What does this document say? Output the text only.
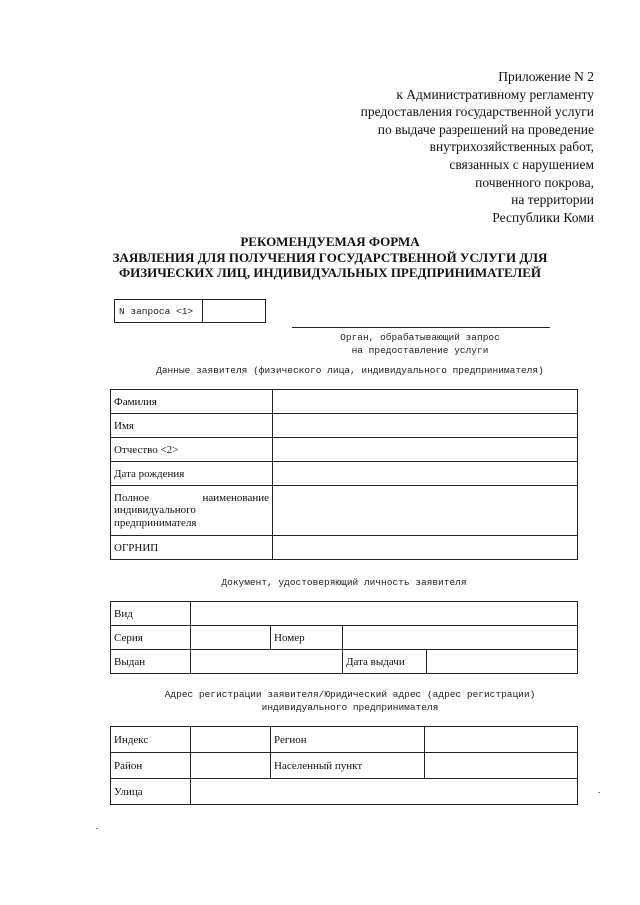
Приложение N 2
к Административному регламенту
предоставления государственной услуги
по выдаче разрешений на проведение
внутрихозяйственных работ,
связанных с нарушением
почвенного покрова,
на территории
Республики Коми
РЕКОМЕНДУЕМАЯ ФОРМА
ЗАЯВЛЕНИЯ ДЛЯ ПОЛУЧЕНИЯ ГОСУДАРСТВЕННОЙ УСЛУГИ ДЛЯ
ФИЗИЧЕСКИХ ЛИЦ, ИНДИВИДУАЛЬНЫХ ПРЕДПРИНИМАТЕЛЕЙ
N запроса <1>
Орган, обрабатывающий запрос
на предоставление услуги
Данные заявителя (физического лица, индивидуального предпринимателя)
Фамилия	
Имя	
Отчество <2>	
Дата рождения	

Полное наименование
индивидуального предпринимателя	

ОГРНИП	
Документ, удостоверяющий личность заявителя
Вид				
Серия		Номер		
Выдан			Дата выдачи	
Адрес регистрации заявителя/Юридический адрес (адрес регистрации)
индивидуального предпринимателя
Индекс		Регион	
Район		Населенный пункт	
Улица			
